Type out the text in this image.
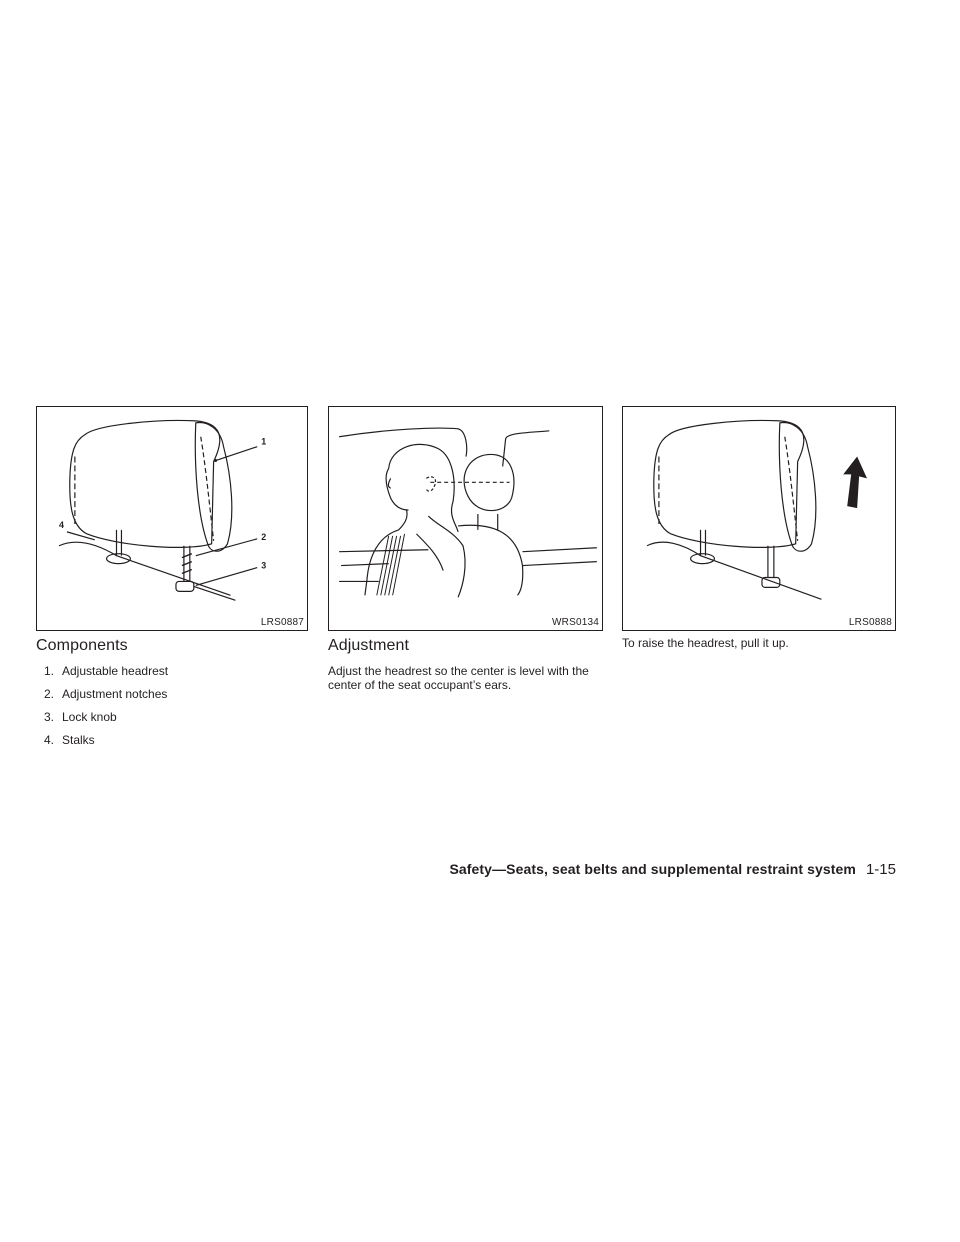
1
2
3
4
LRS0887	WRS0134	LRS0888
Components
1. Adjustable headrest
2. Adjustment notches
3. Lock knob
4. Stalks
Adjustment

Adjust the headrest so the center is level with the center of the seat occupant’s ears.

To raise the headrest, pull it up.

Safety—Seats, seat belts and supplemental restraint system 1-15
